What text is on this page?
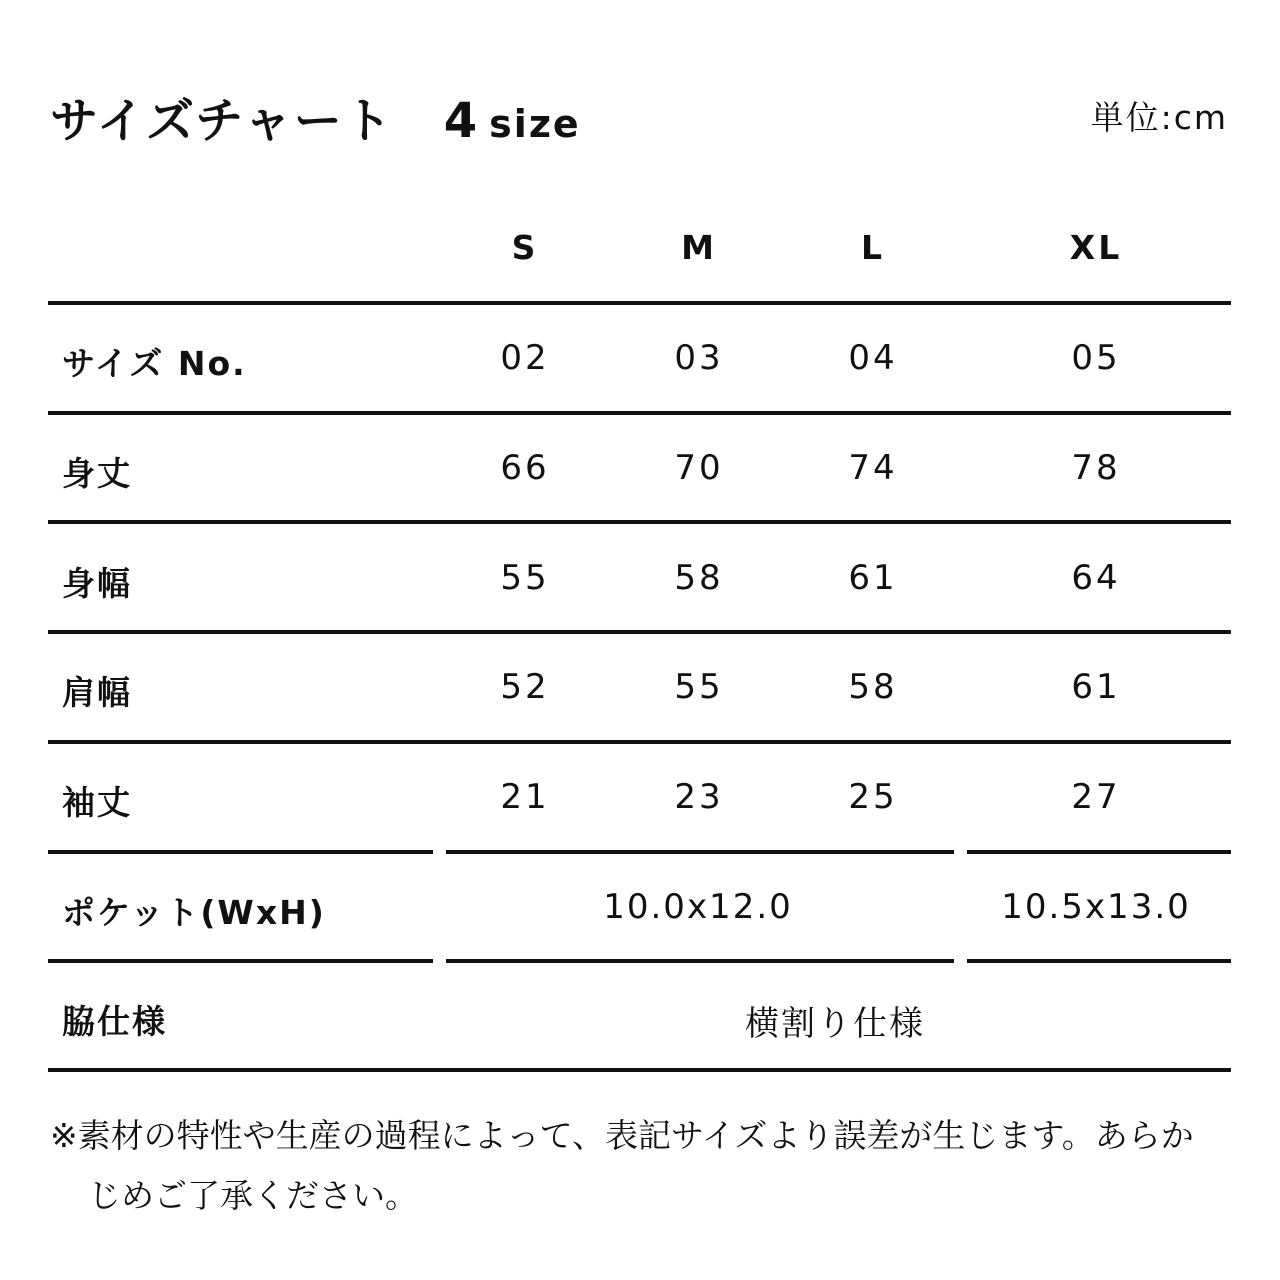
サイズチャート 4 size	単位:cm
S	M	L	XL
サイズ No.	02	03	04	05
身丈	66	70	74	78
身幅	55	58	61	64
肩幅	52	55	58	61
袖丈	21	23	25	27
ポケット(WxH)	10.0x12.0	10.5x13.0
脇仕様	横割り仕様
※素材の特性や生産の過程によって、表記サイズより誤差が生じます。あらか
じめご了承ください。
